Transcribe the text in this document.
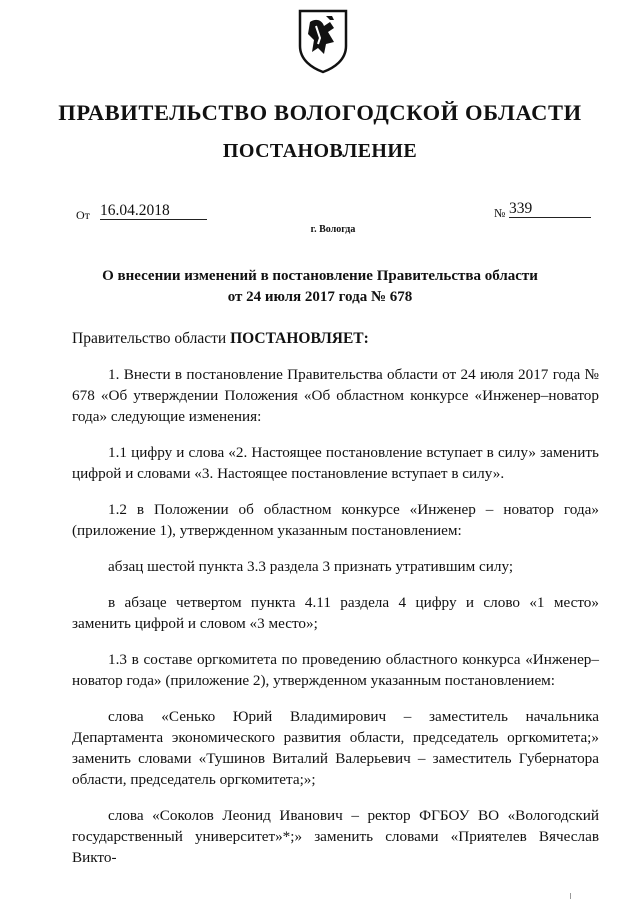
ПРАВИТЕЛЬСТВО ВОЛОГОДСКОЙ ОБЛАСТИ
ПОСТАНОВЛЕНИЕ
От 16.04.2018	№ 339
г. Вологда
О внесении изменений в постановление Правительства области
от 24 июля 2017 года № 678
Правительство области ПОСТАНОВЛЯЕТ:

1. Внести в постановление Правительства области от 24 июля 2017 года № 678 «Об утверждении Положения «Об областном конкурсе «Инженер–новатор года» следующие изменения:

1.1 цифру и слова «2. Настоящее постановление вступает в силу» заменить цифрой и словами «3. Настоящее постановление вступает в силу».

1.2 в Положении об областном конкурсе «Инженер – новатор года» (приложение 1), утвержденном указанным постановлением:

абзац шестой пункта 3.3 раздела 3 признать утратившим силу;

в абзаце четвертом пункта 4.11 раздела 4 цифру и слово «1 место» заменить цифрой и словом «3 место»;

1.3 в составе оргкомитета по проведению областного конкурса «Инженер–новатор года» (приложение 2), утвержденном указанным постановлением:

слова «Сенько Юрий Владимирович – заместитель начальника Департамента экономического развития области, председатель оргкомитета;» заменить словами «Тушинов Виталий Валерьевич – заместитель Губернатора области, председатель оргкомитета;»;

слова «Соколов Леонид Иванович – ректор ФГБОУ ВО «Вологодский государственный университет»*;» заменить словами «Приятелев Вячеслав Викто-
